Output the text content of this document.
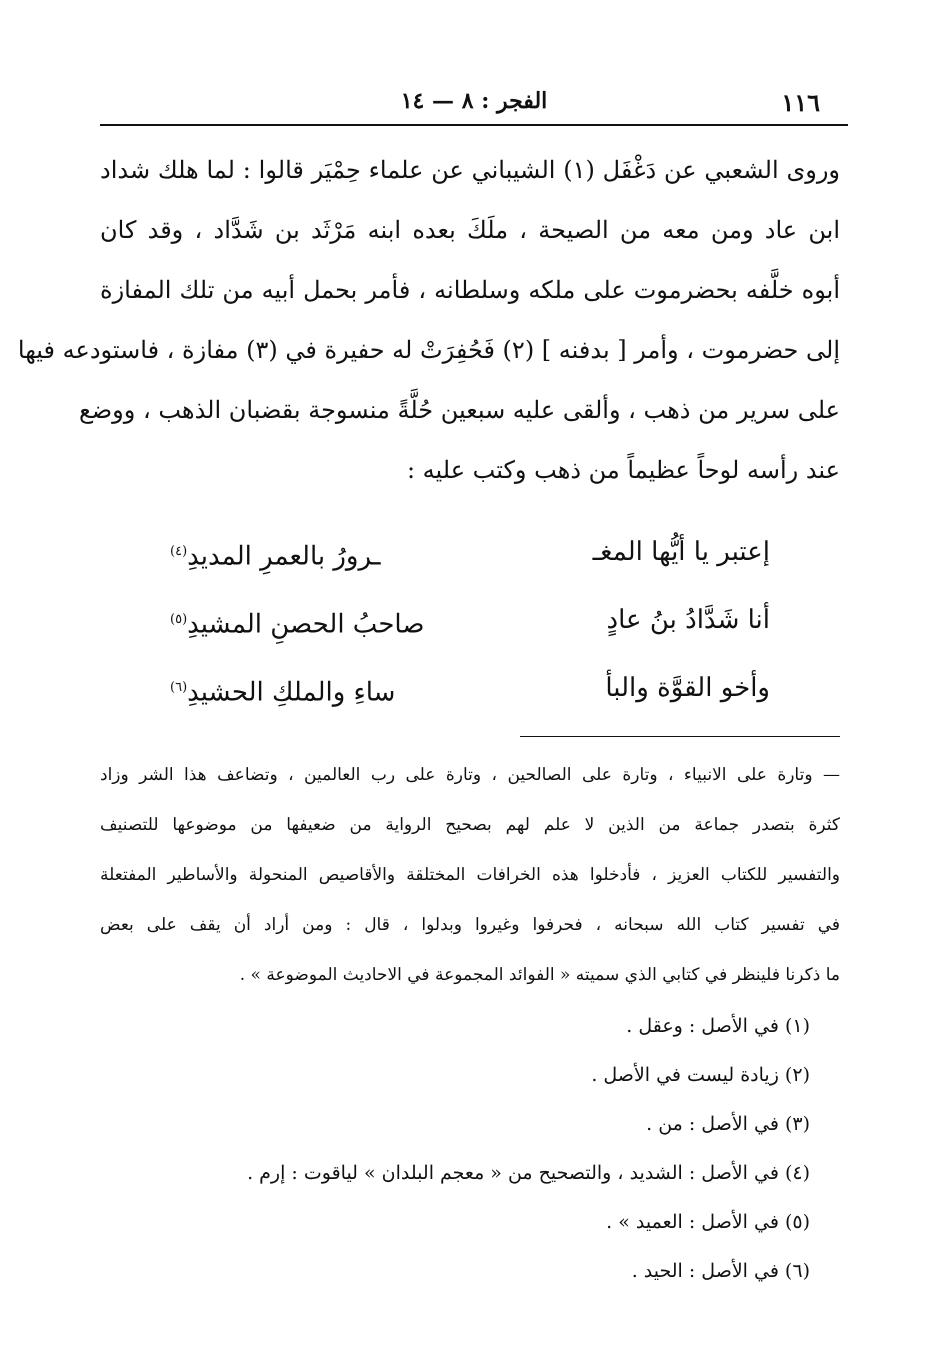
١١٦
الفجر : ٨ — ١٤
وروى الشعبي عن دَغْفَل (١) الشيباني عن علماء حِمْيَر قالوا : لما هلك شداد
ابن عاد ومن معه من الصيحة ، ملَكَ بعده ابنه مَرْثَد بن شَدَّاد ، وقد كان
أبوه خلَّفه بحضرموت على ملكه وسلطانه ، فأمر بحمل أبيه من تلك المفازة
إلى حضرموت ، وأمر [ بدفنه ] (٢) فَحُفِرَتْ له حفيرة في (٣) مفازة ، فاستودعه فيها
على سرير من ذهب ، وألقى عليه سبعين حُلَّةً منسوجة بقضبان الذهب ، ووضع
عند رأسه لوحاً عظيماً من ذهب وكتب عليه :
إعتبر يا أيُّها المغـ
ـرورُ بالعمرِ المديدِ$^{(٤)}$
أنا شَدَّادُ بنُ عادٍ
صاحبُ الحصنِ المشيدِ$^{(٥)}$
وأخو القوَّة والبأ
ساءِ والملكِ الحشيدِ$^{(٦)}$
— وتارة على الانبياء ، وتارة على الصالحين ، وتارة على رب العالمين ، وتضاعف هذا الشر وزاد
كثرة بتصدر جماعة من الذين لا علم لهم بصحيح الرواية من ضعيفها من موضوعها للتصنيف
والتفسير للكتاب العزيز ، فأدخلوا هذه الخرافات المختلقة والأقاصيص المنحولة والأساطير المفتعلة
في تفسير كتاب الله سبحانه ، فحرفوا وغيروا وبدلوا ، قال : ومن أراد أن يقف على بعض
ما ذكرنا فلينظر في كتابي الذي سميته « الفوائد المجموعة في الاحاديث الموضوعة » .
(١) في الأصل : وعقل .
(٢) زيادة ليست في الأصل .
(٣) في الأصل : من .
(٤) في الأصل : الشديد ، والتصحيح من « معجم البلدان » لياقوت : إرم .
(٥) في الأصل : العميد » .
(٦) في الأصل : الحيد .
